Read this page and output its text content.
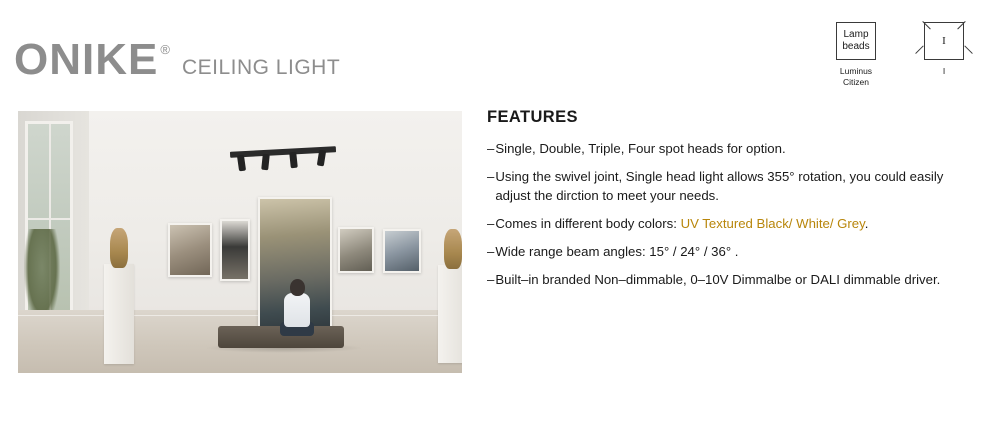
ONIKE ®
CEILING LIGHT
Lamp
beads
Luminus
Citizen
I
I
FEATURES
– Single, Double, Triple, Four spot heads for option.
– Using the swivel joint, Single head light allows 355° rotation, you could easily adjust the dirction to meet your needs.
– Comes in different body colors: UV Textured Black/ White/ Grey.
– Wide range beam angles: 15° / 24° / 36° .
– Built–in branded Non–dimmable, 0–10V Dimmalbe or DALI dimmable driver.
